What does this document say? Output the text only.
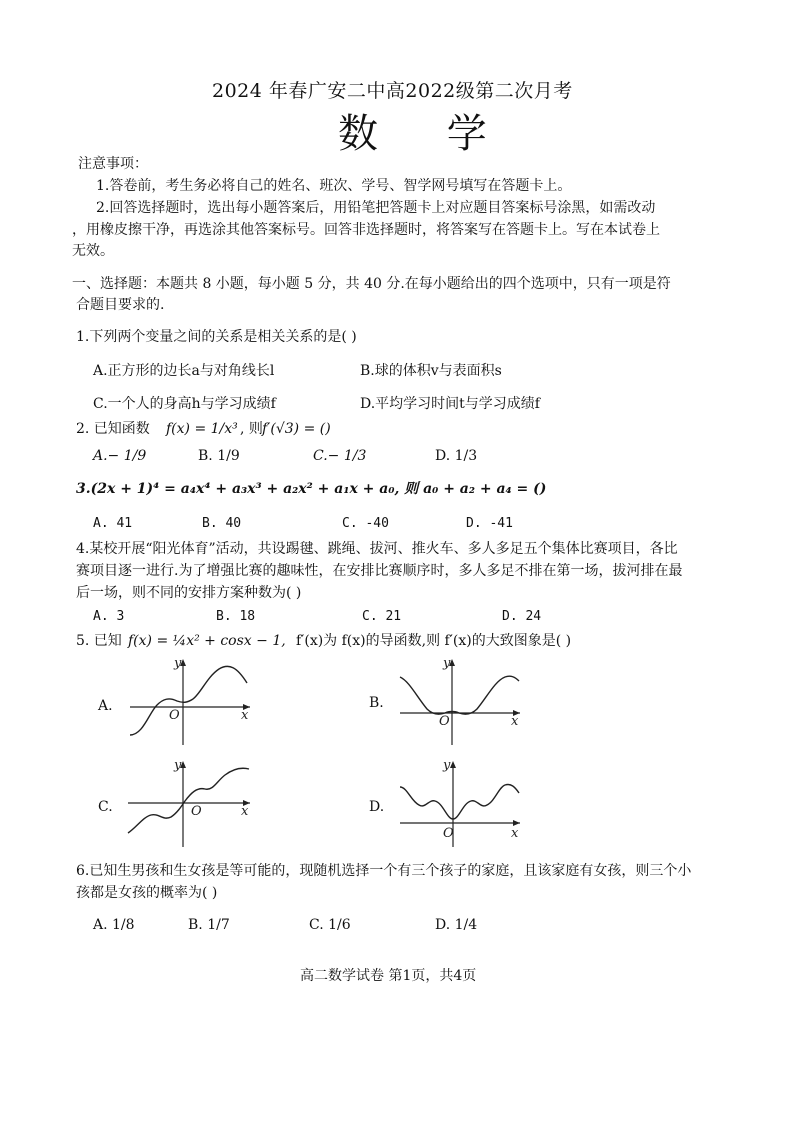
2024 年春广安二中高2022级第二次月考
数 学
注意事项：
1.答卷前，考生务必将自己的姓名、班次、学号、智学网号填写在答题卡上。
2.回答选择题时，选出每小题答案后，用铅笔把答题卡上对应题目答案标号涂黑，如需改动
，用橡皮擦干净，再选涂其他答案标号。回答非选择题时，将答案写在答题卡上。写在本试卷上
无效。
一、选择题：本题共 8 小题，每小题 5 分，共 40 分.在每小题给出的四个选项中，只有一项是符
合题目要求的.
1.下列两个变量之间的关系是相关关系的是( )
A.正方形的边长a与对角线长l	B.球的体积v与表面积s
C.一个人的身高h与学习成绩f	D.平均学习时间t与学习成绩f
2. 已知函数 f(x) = 1/x³ , 则 f′(√3) = ()
A.− 1/9	B. 1/9	C.− 1/3	D. 1/3
3.(2x + 1)⁴ = a₄x⁴ + a₃x³ + a₂x² + a₁x + a₀, 则 a₀ + a₂ + a₄ = ()
A. 41	B. 40	C. -40	D. -41
4.某校开展“阳光体育”活动，共设踢毽、跳绳、拔河、推火车、多人多足五个集体比赛项目，各比
赛项目逐一进行.为了增强比赛的趣味性，在安排比赛顺序时，多人多足不排在第一场，拔河排在最
后一场，则不同的安排方案种数为( )
A. 3	B. 18	C. 21	D. 24
5. 已知 f(x) = ¼x² + cosx − 1, f′(x)为 f(x)的导函数,则 f′(x)的大致图象是( )
A.
x
y
O
B.
x
y
O
C.	x
y
O	D.
x
y
O
6.已知生男孩和生女孩是等可能的，现随机选择一个有三个孩子的家庭，且该家庭有女孩，则三个小
孩都是女孩的概率为( )
A. 1/8	B. 1/7	C. 1/6	D. 1/4
高二数学试卷 第1页，共4页
